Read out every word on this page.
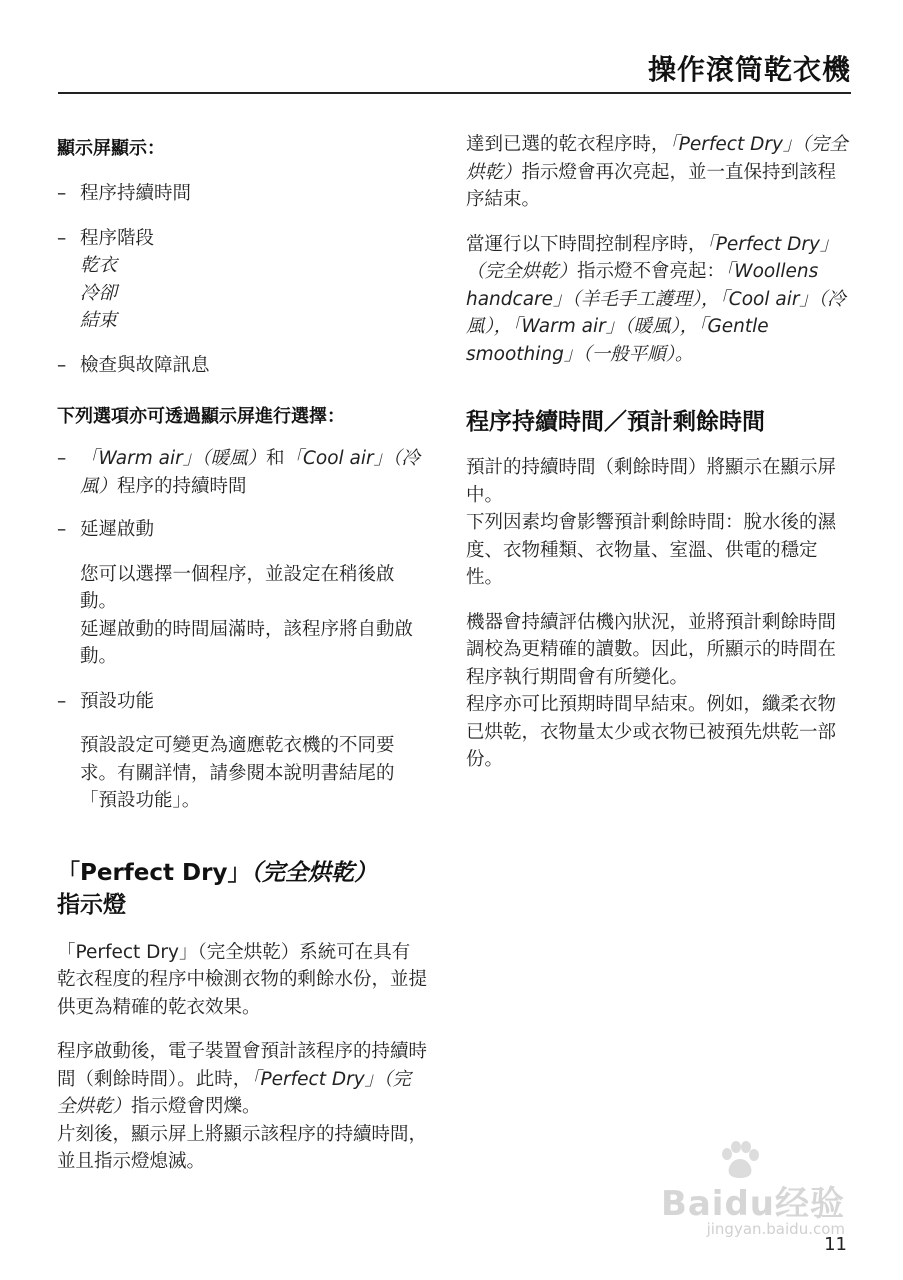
操作滾筒乾衣機

顯示屏顯示：

– 程序持續時間

– 程序階段

乾衣

冷卻

結束

– 檢查與故障訊息

下列選項亦可透過顯示屏進行選擇：

– 「Warm air」（暖風）和「Cool air」（冷風）程序的持續時間

– 延遲啟動

您可以選擇一個程序，並設定在稍後啟動。

延遲啟動的時間屆滿時，該程序將自動啟動。

– 預設功能

預設設定可變更為適應乾衣機的不同要求。有關詳情，請參閱本說明書結尾的「預設功能」。

「Perfect Dry」（完全烘乾）

指示燈

「Perfect Dry」（完全烘乾）系統可在具有乾衣程度的程序中檢測衣物的剩餘水份，並提供更為精確的乾衣效果。

程序啟動後，電子裝置會預計該程序的持續時間（剩餘時間）。此時，「Perfect Dry」（完全烘乾）指示燈會閃爍。

片刻後，顯示屏上將顯示該程序的持續時間，並且指示燈熄滅。

達到已選的乾衣程序時，「Perfect Dry」（完全烘乾）指示燈會再次亮起，並一直保持到該程序結束。

當運行以下時間控制程序時，「Perfect Dry」（完全烘乾）指示燈不會亮起：「Woollens handcare」（羊毛手工護理），「Cool air」（冷風），「Warm air」（暖風），「Gentle smoothing」（一般平順）。

程序持續時間／預計剩餘時間

預計的持續時間（剩餘時間）將顯示在顯示屏中。

下列因素均會影響預計剩餘時間：脫水後的濕度、衣物種類、衣物量、室溫、供電的穩定性。

機器會持續評估機內狀況，並將預計剩餘時間調校為更精確的讀數。因此，所顯示的時間在程序執行期間會有所變化。

程序亦可比預期時間早結束。例如，纖柔衣物已烘乾，衣物量太少或衣物已被預先烘乾一部份。

Baidu经验
jingyan.baidu.com
11
